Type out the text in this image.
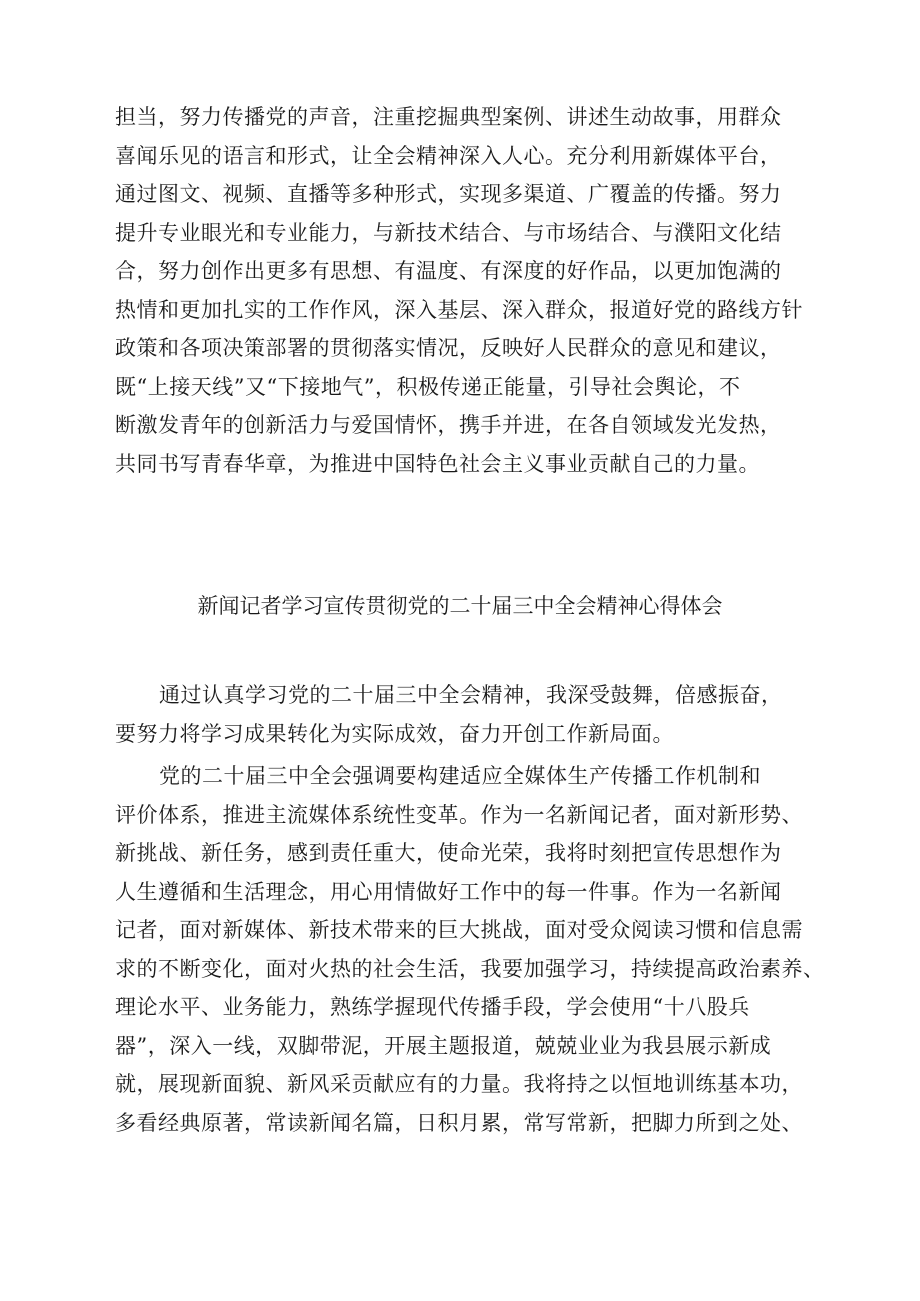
担当，努力传播党的声音，注重挖掘典型案例、讲述生动故事，用群众
喜闻乐见的语言和形式，让全会精神深入人心。充分利用新媒体平台，
通过图文、视频、直播等多种形式，实现多渠道、广覆盖的传播。努力
提升专业眼光和专业能力，与新技术结合、与市场结合、与濮阳文化结
合，努力创作出更多有思想、有温度、有深度的好作品，以更加饱满的
热情和更加扎实的工作作风，深入基层、深入群众，报道好党的路线方针
政策和各项决策部署的贯彻落实情况，反映好人民群众的意见和建议，
既“上接天线”又“下接地气”，积极传递正能量，引导社会舆论，不
断激发青年的创新活力与爱国情怀，携手并进，在各自领域发光发热，
共同书写青春华章，为推进中国特色社会主义事业贡献自己的力量。
新闻记者学习宣传贯彻党的二十届三中全会精神心得体会
通过认真学习党的二十届三中全会精神，我深受鼓舞，倍感振奋，
要努力将学习成果转化为实际成效，奋力开创工作新局面。
党的二十届三中全会强调要构建适应全媒体生产传播工作机制和
评价体系，推进主流媒体系统性变革。作为一名新闻记者，面对新形势、
新挑战、新任务，感到责任重大，使命光荣，我将时刻把宣传思想作为
人生遵循和生活理念，用心用情做好工作中的每一件事。作为一名新闻
记者，面对新媒体、新技术带来的巨大挑战，面对受众阅读习惯和信息需
求的不断变化，面对火热的社会生活，我要加强学习，持续提高政治素养、
理论水平、业务能力，熟练学握现代传播手段，学会使用“十八股兵
器”，深入一线，双脚带泥，开展主题报道，兢兢业业为我县展示新成
就，展现新面貌、新风采贡献应有的力量。我将持之以恒地训练基本功，
多看经典原著，常读新闻名篇，日积月累，常写常新，把脚力所到之处、
